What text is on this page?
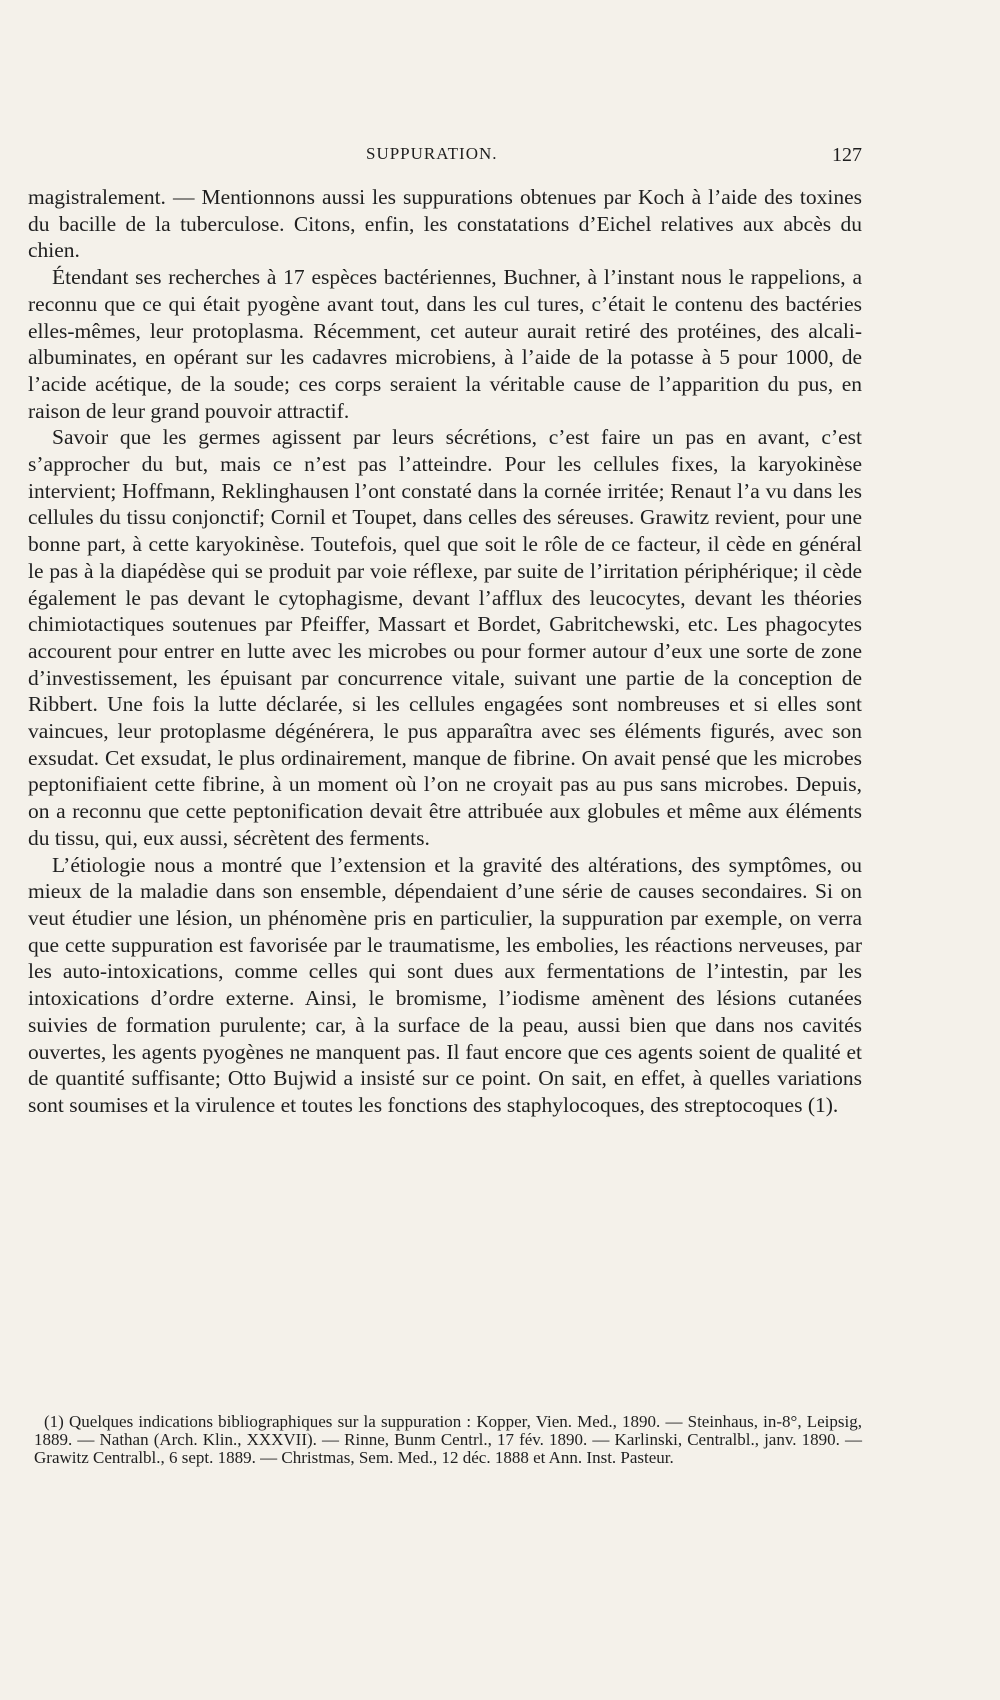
SUPPURATION.	127

magistralement. — Mentionnons aussi les suppurations obtenues par Koch à l’aide des toxines du bacille de la tuberculose. Citons, enfin, les constatations d’Eichel relatives aux abcès du chien.

Étendant ses recherches à 17 espèces bactériennes, Buchner, à l’instant nous le rappelions, a reconnu que ce qui était pyogène avant tout, dans les cul tures, c’était le contenu des bactéries elles-mêmes, leur protoplasma. Récemment, cet auteur aurait retiré des protéines, des alcali-albuminates, en opérant sur les cadavres microbiens, à l’aide de la potasse à 5 pour 1000, de l’acide acétique, de la soude; ces corps seraient la véritable cause de l’apparition du pus, en raison de leur grand pouvoir attractif.

Savoir que les germes agissent par leurs sécrétions, c’est faire un pas en avant, c’est s’approcher du but, mais ce n’est pas l’atteindre. Pour les cellules fixes, la karyokinèse intervient; Hoffmann, Reklinghausen l’ont constaté dans la cornée irritée; Renaut l’a vu dans les cellules du tissu conjonctif; Cornil et Toupet, dans celles des séreuses. Grawitz revient, pour une bonne part, à cette karyokinèse. Toutefois, quel que soit le rôle de ce facteur, il cède en général le pas à la diapédèse qui se produit par voie réflexe, par suite de l’irritation périphérique; il cède également le pas devant le cytophagisme, devant l’afflux des leucocytes, devant les théories chimiotactiques soutenues par Pfeiffer, Massart et Bordet, Gabritchewski, etc. Les phagocytes accourent pour entrer en lutte avec les microbes ou pour former autour d’eux une sorte de zone d’investissement, les épuisant par concurrence vitale, suivant une partie de la conception de Ribbert. Une fois la lutte déclarée, si les cellules engagées sont nombreuses et si elles sont vaincues, leur protoplasme dégénérera, le pus apparaîtra avec ses éléments figurés, avec son exsudat. Cet exsudat, le plus ordinairement, manque de fibrine. On avait pensé que les microbes peptonifiaient cette fibrine, à un moment où l’on ne croyait pas au pus sans microbes. Depuis, on a reconnu que cette peptonification devait être attribuée aux globules et même aux éléments du tissu, qui, eux aussi, sécrètent des ferments.

L’étiologie nous a montré que l’extension et la gravité des altérations, des symptômes, ou mieux de la maladie dans son ensemble, dépendaient d’une série de causes secondaires. Si on veut étudier une lésion, un phénomène pris en particulier, la suppuration par exemple, on verra que cette suppuration est favorisée par le traumatisme, les embolies, les réactions nerveuses, par les auto-intoxications, comme celles qui sont dues aux fermentations de l’intestin, par les intoxications d’ordre externe. Ainsi, le bromisme, l’iodisme amènent des lésions cutanées suivies de formation purulente; car, à la surface de la peau, aussi bien que dans nos cavités ouvertes, les agents pyogènes ne manquent pas. Il faut encore que ces agents soient de qualité et de quantité suffisante; Otto Bujwid a insisté sur ce point. On sait, en effet, à quelles variations sont soumises et la virulence et toutes les fonctions des staphylocoques, des streptocoques (1).

(1) Quelques indications bibliographiques sur la suppuration : Kopper, Vien. Med., 1890. — Steinhaus, in-8°, Leipsig, 1889. — Nathan (Arch. Klin., XXXVII). — Rinne, Bunm Centrl., 17 fév. 1890. — Karlinski, Centralbl., janv. 1890. — Grawitz Centralbl., 6 sept. 1889. — Christmas, Sem. Med., 12 déc. 1888 et Ann. Inst. Pasteur.
